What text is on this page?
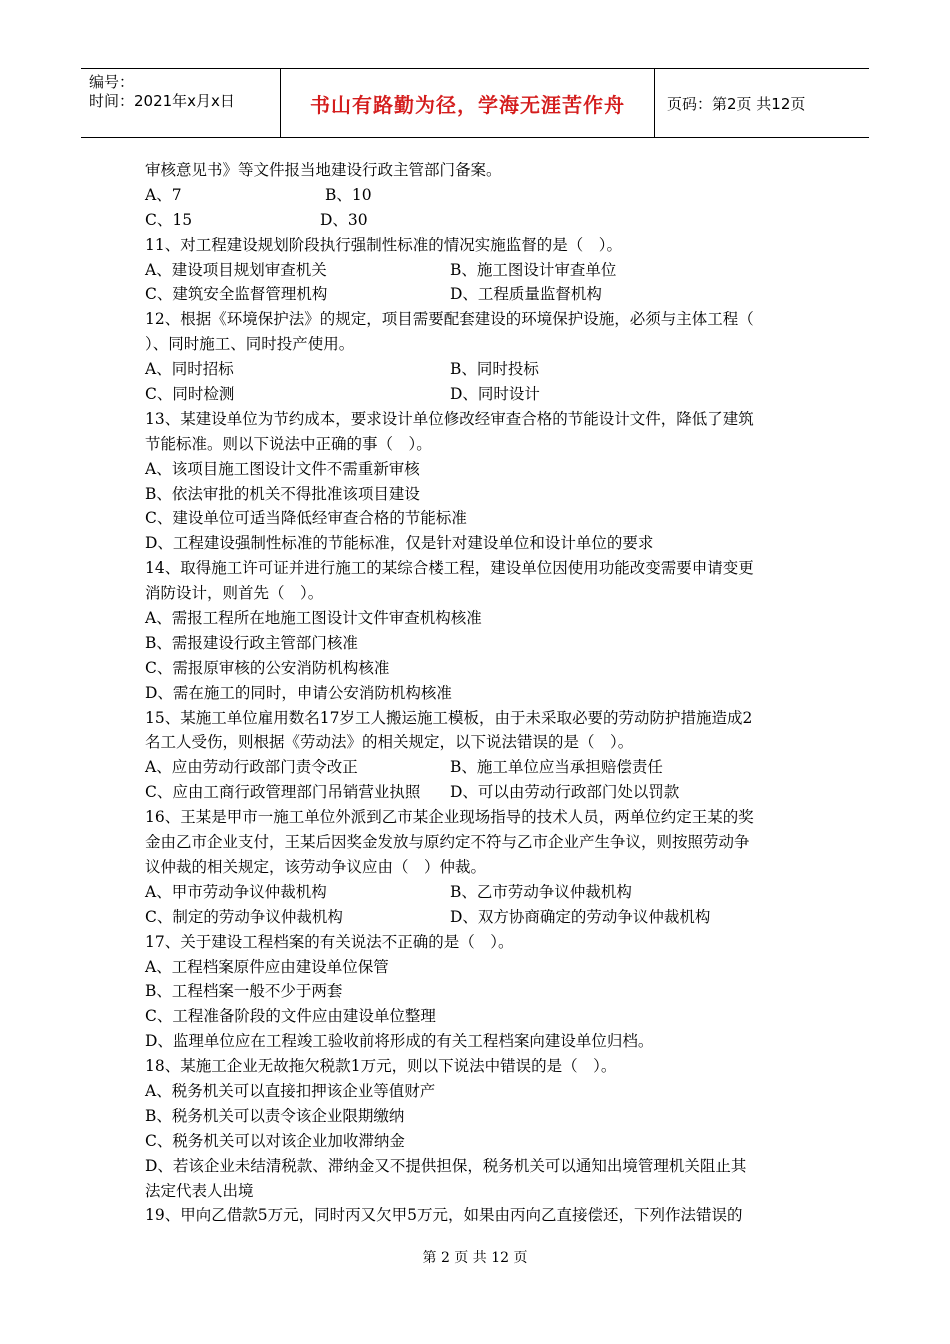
编号：
时间：2021年x月x日	书山有路勤为径，学海无涯苦作舟	页码：第2页 共12页
审核意见书》等文件报当地建设行政主管部门备案。
A、7	B、10
C、15	D、30
11、对工程建设规划阶段执行强制性标准的情况实施监督的是（　）。
A、建设项目规划审查机关	B、施工图设计审查单位
C、建筑安全监督管理机构	D、工程质量监督机构
12、根据《环境保护法》的规定，项目需要配套建设的环境保护设施，必须与主体工程（
）、同时施工、同时投产使用。
A、同时招标	B、同时投标
C、同时检测	D、同时设计
13、某建设单位为节约成本，要求设计单位修改经审查合格的节能设计文件，降低了建筑
节能标准。则以下说法中正确的事（　）。
A、该项目施工图设计文件不需重新审核
B、依法审批的机关不得批准该项目建设
C、建设单位可适当降低经审查合格的节能标准
D、工程建设强制性标准的节能标准，仅是针对建设单位和设计单位的要求
14、取得施工许可证并进行施工的某综合楼工程，建设单位因使用功能改变需要申请变更
消防设计，则首先（　）。
A、需报工程所在地施工图设计文件审查机构核准
B、需报建设行政主管部门核准
C、需报原审核的公安消防机构核准
D、需在施工的同时，申请公安消防机构核准
15、某施工单位雇用数名17岁工人搬运施工模板，由于未采取必要的劳动防护措施造成2
名工人受伤，则根据《劳动法》的相关规定，以下说法错误的是（　）。
A、应由劳动行政部门责令改正	B、施工单位应当承担赔偿责任
C、应由工商行政管理部门吊销营业执照	D、可以由劳动行政部门处以罚款
16、王某是甲市一施工单位外派到乙市某企业现场指导的技术人员，两单位约定王某的奖
金由乙市企业支付，王某后因奖金发放与原约定不符与乙市企业产生争议，则按照劳动争
议仲裁的相关规定，该劳动争议应由（　）仲裁。
A、甲市劳动争议仲裁机构	B、乙市劳动争议仲裁机构
C、制定的劳动争议仲裁机构	D、双方协商确定的劳动争议仲裁机构
17、关于建设工程档案的有关说法不正确的是（　）。
A、工程档案原件应由建设单位保管
B、工程档案一般不少于两套
C、工程准备阶段的文件应由建设单位整理
D、监理单位应在工程竣工验收前将形成的有关工程档案向建设单位归档。
18、某施工企业无故拖欠税款1万元，则以下说法中错误的是（　）。
A、税务机关可以直接扣押该企业等值财产
B、税务机关可以责令该企业限期缴纳
C、税务机关可以对该企业加收滞纳金
D、若该企业未结清税款、滞纳金又不提供担保，税务机关可以通知出境管理机关阻止其
法定代表人出境
19、甲向乙借款5万元，同时丙又欠甲5万元，如果由丙向乙直接偿还，下列作法错误的
第 2 页 共 12 页
